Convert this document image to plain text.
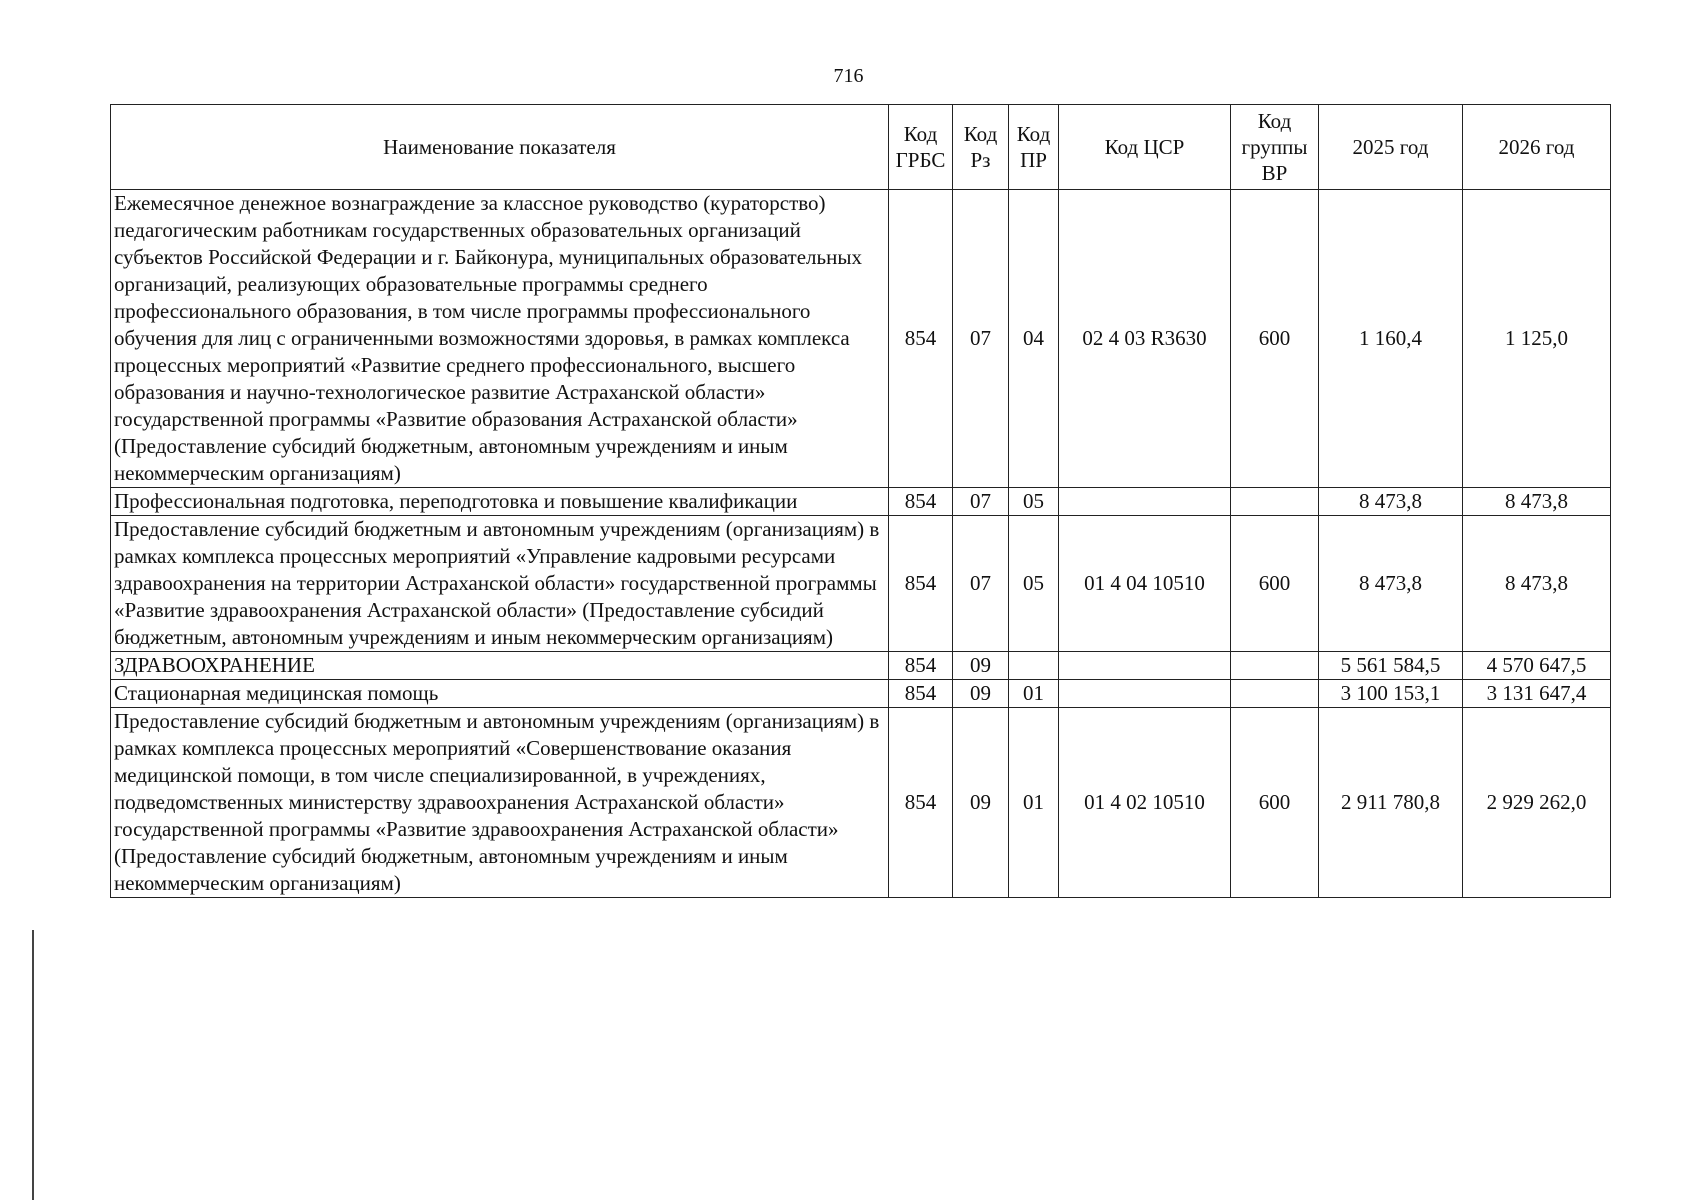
716
Наименование показателя	Код ГРБС	Код Рз	Код ПР	Код ЦСР	Код группы ВР	2025 год	2026 год
Ежемесячное денежное вознаграждение за классное руководство (кураторство) педагогическим работникам государственных образовательных организаций субъектов Российской Федерации и г. Байконура, муниципальных образовательных организаций, реализующих образовательные программы среднего профессионального образования, в том числе программы профессионального обучения для лиц с ограниченными возможностями здоровья, в рамках комплекса процессных мероприятий «Развитие среднего профессионального, высшего образования и научно-технологическое развитие Астраханской области» государственной программы «Развитие образования Астраханской области» (Предоставление субсидий бюджетным, автономным учреждениям и иным некоммерческим организациям)	854	07	04	02 4 03 R3630	600	1 160,4	1 125,0
Профессиональная подготовка, переподготовка и повышение квалификации	854	07	05			8 473,8	8 473,8
Предоставление субсидий бюджетным и автономным учреждениям (организациям) в рамках комплекса процессных мероприятий «Управление кадровыми ресурсами здравоохранения на территории Астраханской области» государственной программы «Развитие здравоохранения Астраханской области» (Предоставление субсидий бюджетным, автономным учреждениям и иным некоммерческим организациям)	854	07	05	01 4 04 10510	600	8 473,8	8 473,8
ЗДРАВООХРАНЕНИЕ	854	09				5 561 584,5	4 570 647,5
Стационарная медицинская помощь	854	09	01			3 100 153,1	3 131 647,4
Предоставление субсидий бюджетным и автономным учреждениям (организациям) в рамках комплекса процессных мероприятий «Совершенствование оказания медицинской помощи, в том числе специализированной, в учреждениях, подведомственных министерству здравоохранения Астраханской области» государственной программы «Развитие здравоохранения Астраханской области» (Предоставление субсидий бюджетным, автономным учреждениям и иным некоммерческим организациям)	854	09	01	01 4 02 10510	600	2 911 780,8	2 929 262,0
